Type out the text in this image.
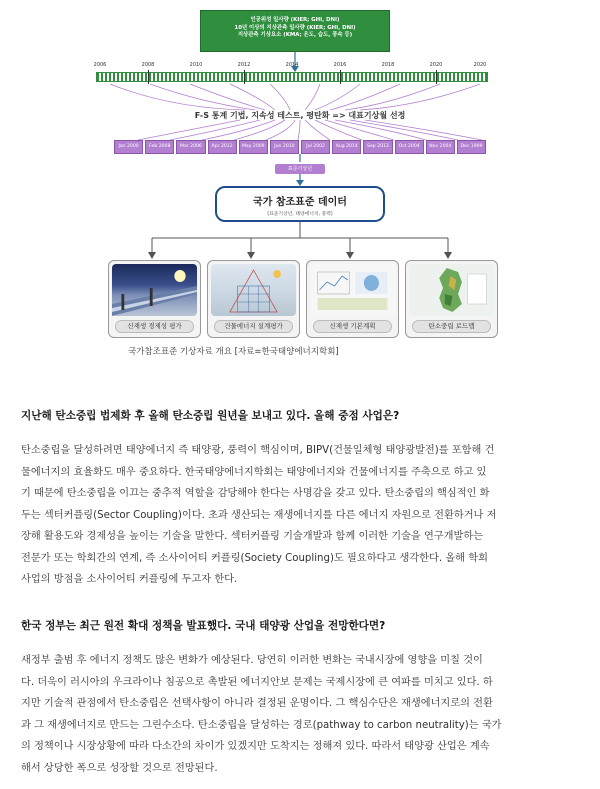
인공위성 일사량 (KIER; GHI, DNI)
10년 이상의 지상관측 일사량 (KIER; GHI, DNI)
지상관측 기상요소 (KMA; 온도, 습도, 풍속 등)
2006	2008	2010	2012	2014	2016	2018	2020	2020
F-S 통계 기법, 지속성 테스트, 평탄화 => 대표기상월 선정
Jan 2000	Feb 2008	Mar 2006	Apr 2012	May 2009	Jun 2010	Jul 2002	Aug 2014	Sep 2013	Oct 2004	Nov 2004	Dec 1999
표준기상년
국가 참조표준 데이터
(표준기상년, 태양에너지, 풍력)
신재생 경제성 평가	건물에너지 설계평가	신재생 기본계획	탄소중립 로드맵
국가참조표준 기상자료 개요 [자료=한국태양에너지학회]
지난해 탄소중립 법제화 후 올해 탄소중립 원년을 보내고 있다. 올해 중점 사업은?
탄소중립을 달성하려면 태양에너지 즉 태양광, 풍력이 핵심이며, BIPV(건물일체형 태양광발전)를 포함해 건
물에너지의 효율화도 매우 중요하다. 한국태양에너지학회는 태양에너지와 건물에너지를 주축으로 하고 있
기 때문에 탄소중립을 이끄는 중추적 역할을 감당해야 한다는 사명감을 갖고 있다. 탄소중립의 핵심적인 화
두는 섹터커플링(Sector Coupling)이다. 초과 생산되는 재생에너지를 다른 에너지 자원으로 전환하거나 저
장해 활용도와 경제성을 높이는 기술을 말한다. 섹터커플링 기술개발과 함께 이러한 기술을 연구개발하는
전문가 또는 학회간의 연계, 즉 소사이어티 커플링(Society Coupling)도 필요하다고 생각한다. 올해 학회
사업의 방점을 소사이어티 커플링에 두고자 한다.
한국 정부는 최근 원전 확대 정책을 발표했다. 국내 태양광 산업을 전망한다면?
새정부 출범 후 에너지 정책도 많은 변화가 예상된다. 당연히 이러한 변화는 국내시장에 영향을 미칠 것이
다. 더욱이 러시아의 우크라이나 침공으로 촉발된 에너지안보 문제는 국제시장에 큰 여파를 미치고 있다. 하
지만 기술적 관점에서 탄소중립은 선택사항이 아니라 결정된 운명이다. 그 핵심수단은 재생에너지로의 전환
과 그 재생에너지로 만드는 그린수소다. 탄소중립을 달성하는 경로(pathway to carbon neutrality)는 국가
의 정책이나 시장상황에 따라 다소간의 차이가 있겠지만 도착지는 정해져 있다. 따라서 태양광 산업은 계속
해서 상당한 폭으로 성장할 것으로 전망된다.
